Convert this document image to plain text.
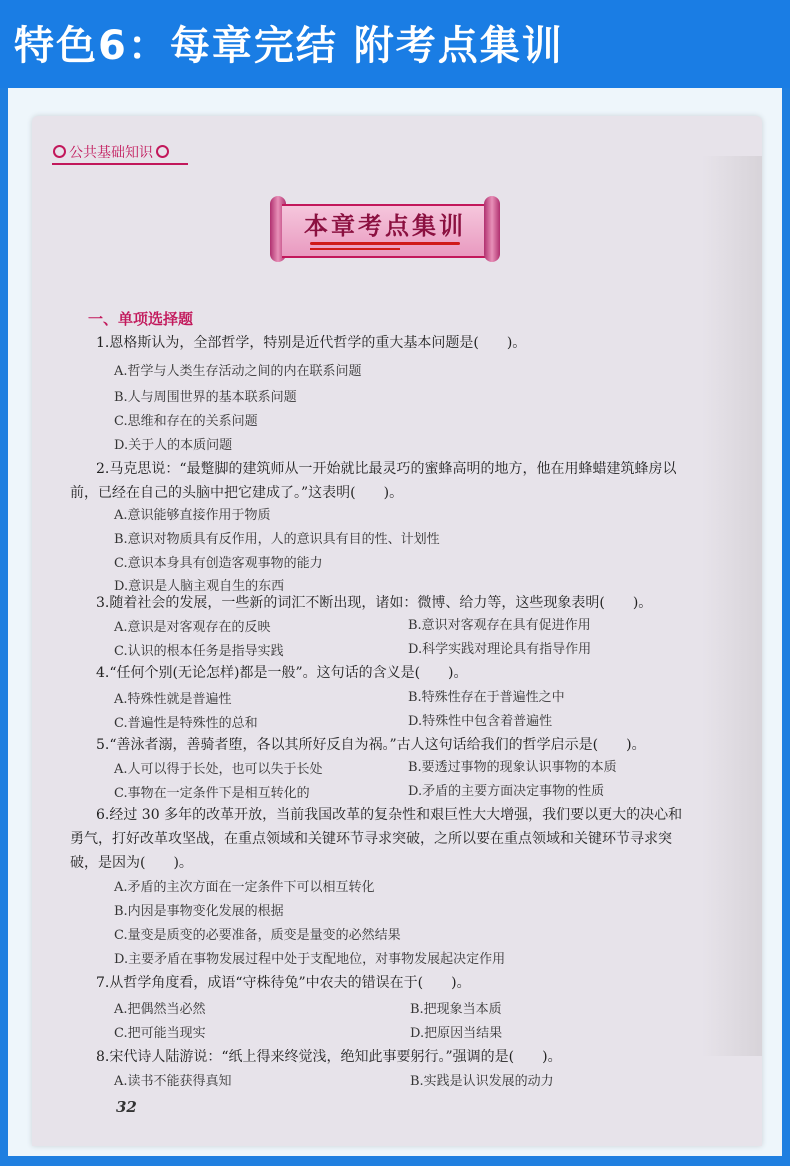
特色6：每章完结 附考点集训
公共基础知识
本章考点集训
一、单项选择题
1.恩格斯认为，全部哲学，特别是近代哲学的重大基本问题是(　　)。
A.哲学与人类生存活动之间的内在联系问题
B.人与周围世界的基本联系问题
C.思维和存在的关系问题
D.关于人的本质问题
2.马克思说：“最蹩脚的建筑师从一开始就比最灵巧的蜜蜂高明的地方，他在用蜂蜡建筑蜂房以
前，已经在自己的头脑中把它建成了。”这表明(　　)。
A.意识能够直接作用于物质
B.意识对物质具有反作用，人的意识具有目的性、计划性
C.意识本身具有创造客观事物的能力
D.意识是人脑主观自生的东西
3.随着社会的发展，一些新的词汇不断出现，诸如：微博、给力等，这些现象表明(　　)。
A.意识是对客观存在的反映	B.意识对客观存在具有促进作用
C.认识的根本任务是指导实践	D.科学实践对理论具有指导作用
4.“任何个别(无论怎样)都是一般”。这句话的含义是(　　)。
A.特殊性就是普遍性	B.特殊性存在于普遍性之中
C.普遍性是特殊性的总和	D.特殊性中包含着普遍性
5.“善泳者溺，善骑者堕，各以其所好反自为祸。”古人这句话给我们的哲学启示是(　　)。
A.人可以得于长处，也可以失于长处	B.要透过事物的现象认识事物的本质
C.事物在一定条件下是相互转化的	D.矛盾的主要方面决定事物的性质
6.经过 30 多年的改革开放，当前我国改革的复杂性和艰巨性大大增强，我们要以更大的决心和
勇气，打好改革攻坚战，在重点领域和关键环节寻求突破，之所以要在重点领域和关键环节寻求突
破，是因为(　　)。
A.矛盾的主次方面在一定条件下可以相互转化
B.内因是事物变化发展的根据
C.量变是质变的必要准备，质变是量变的必然结果
D.主要矛盾在事物发展过程中处于支配地位，对事物发展起决定作用
7.从哲学角度看，成语“守株待兔”中农夫的错误在于(　　)。
A.把偶然当必然	B.把现象当本质
C.把可能当现实	D.把原因当结果
8.宋代诗人陆游说：“纸上得来终觉浅，绝知此事要躬行。”强调的是(　　)。
A.读书不能获得真知	B.实践是认识发展的动力
32
